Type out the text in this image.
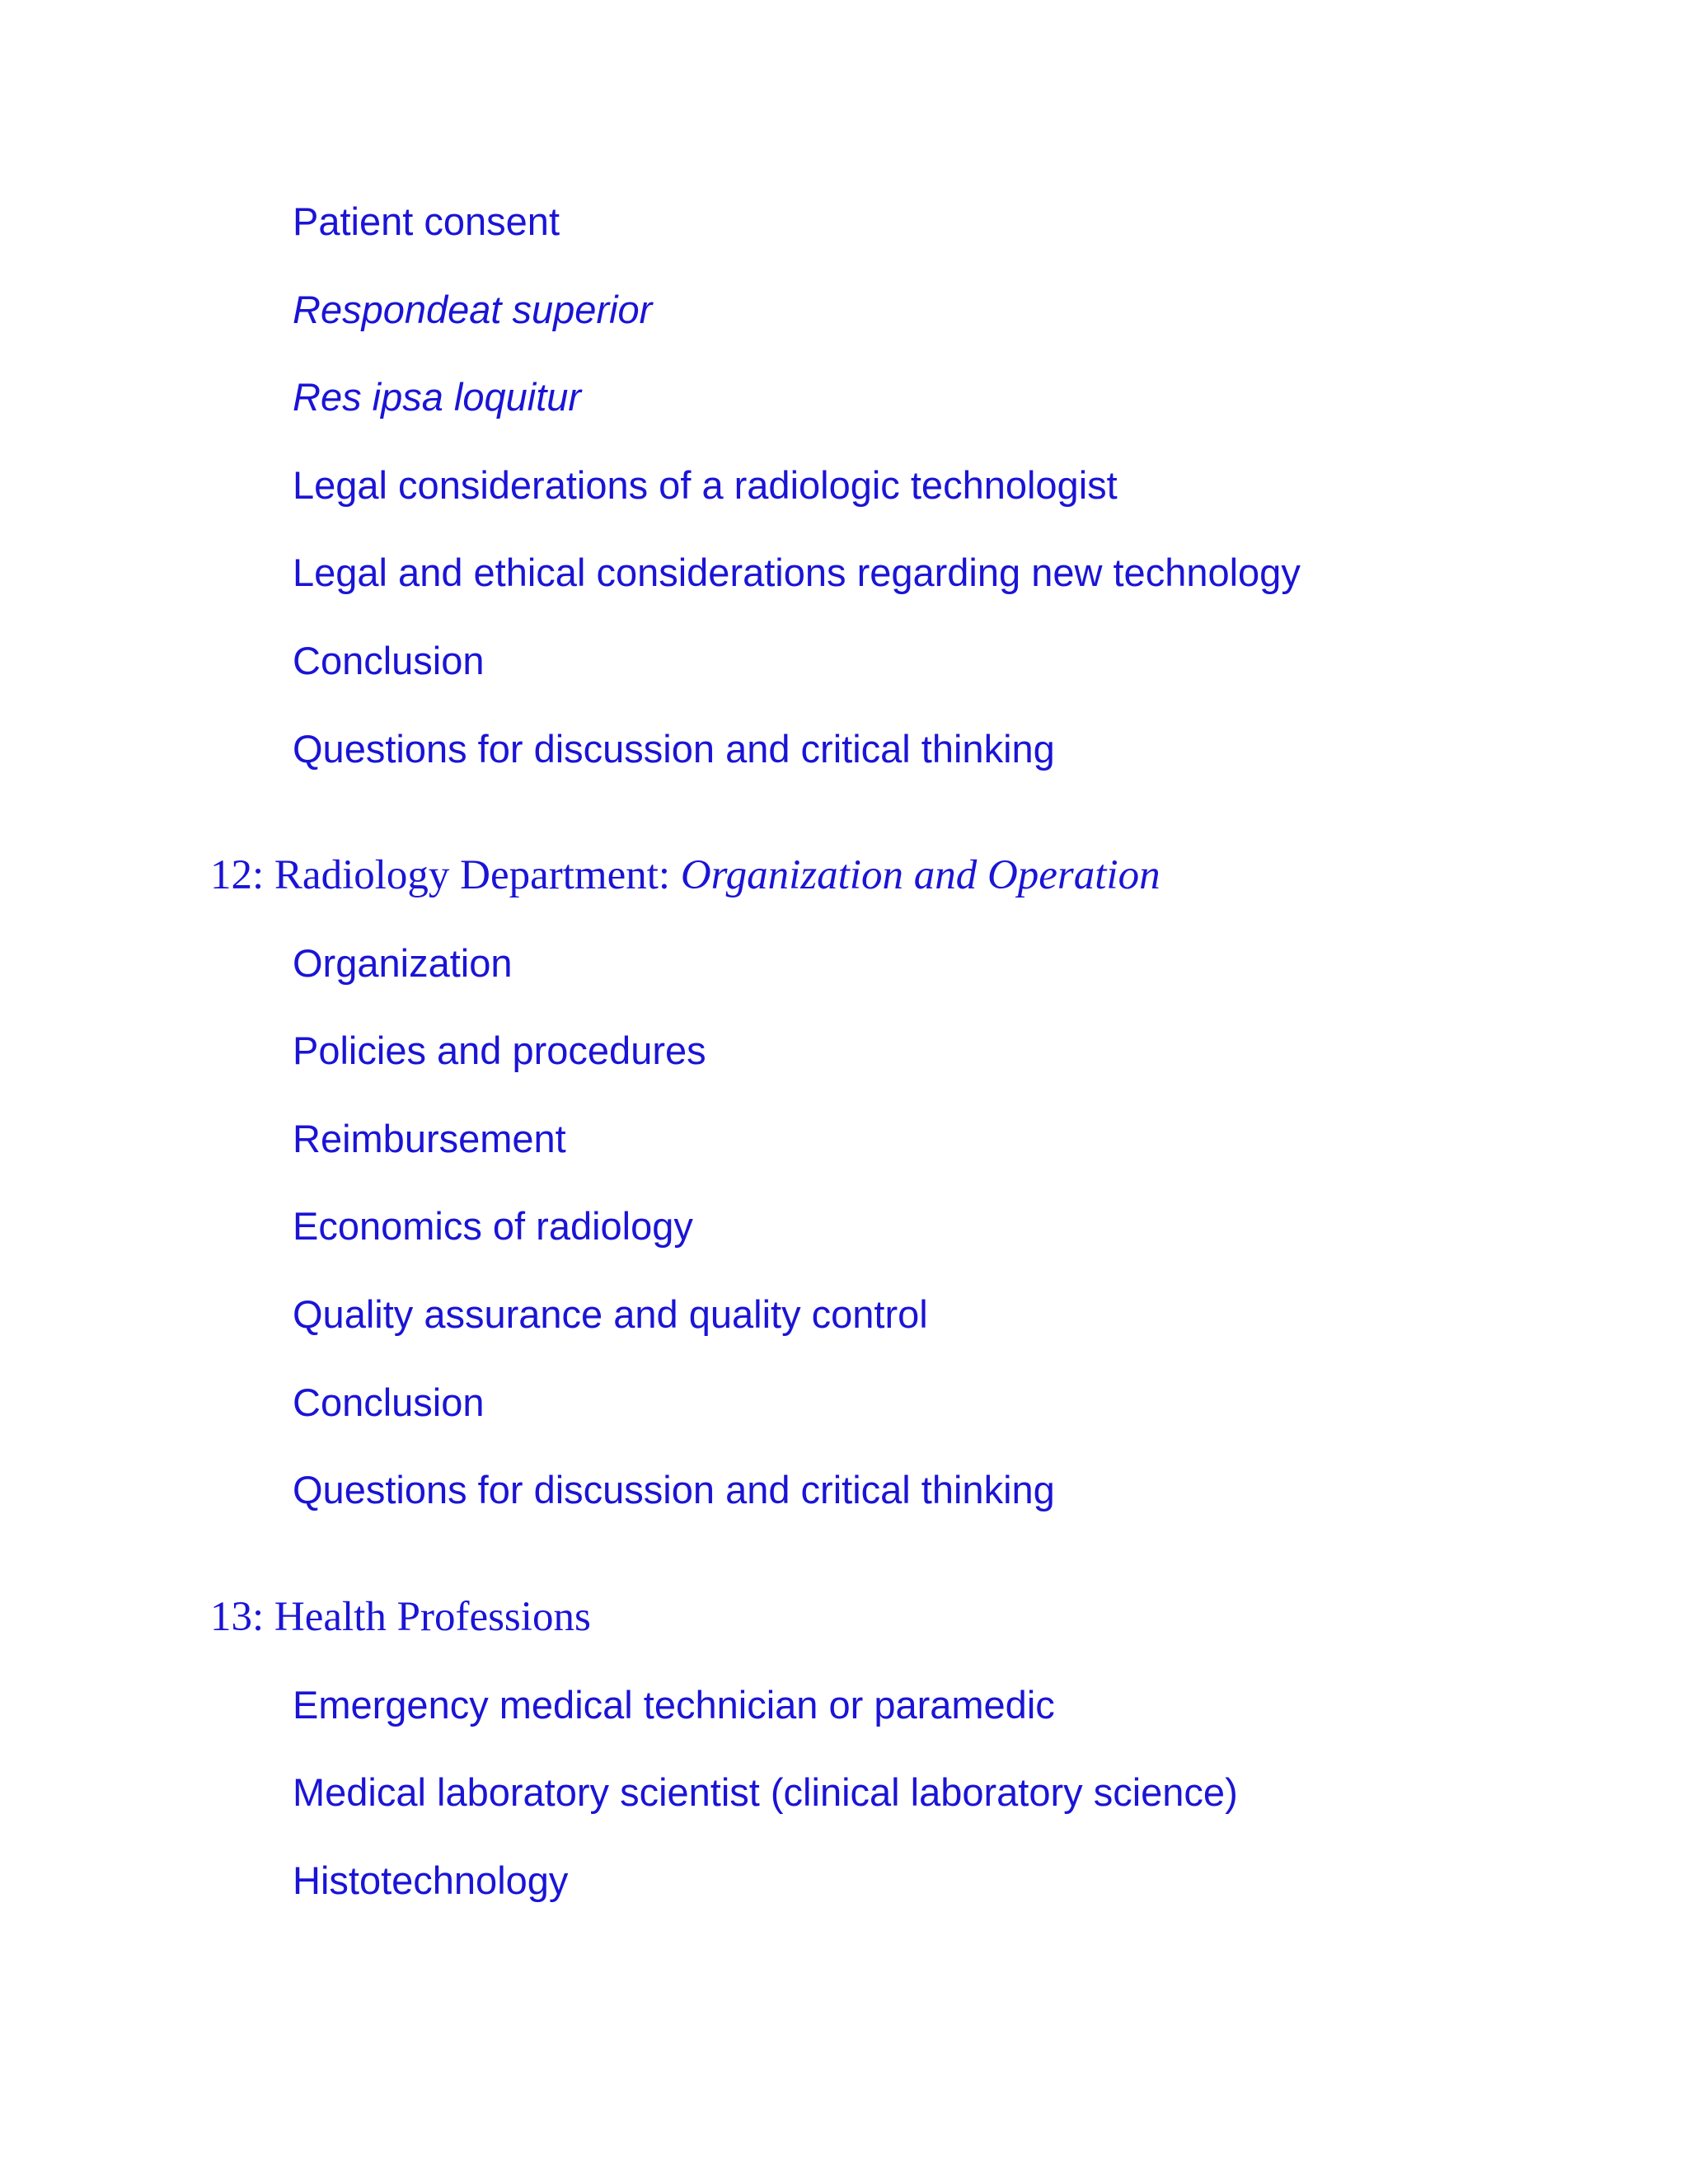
Patient consent
Respondeat superior
Res ipsa loquitur
Legal considerations of a radiologic technologist
Legal and ethical considerations regarding new technology
Conclusion
Questions for discussion and critical thinking
12: Radiology Department: Organization and Operation
Organization
Policies and procedures
Reimbursement
Economics of radiology
Quality assurance and quality control
Conclusion
Questions for discussion and critical thinking
13: Health Professions
Emergency medical technician or paramedic
Medical laboratory scientist (clinical laboratory science)
Histotechnology
